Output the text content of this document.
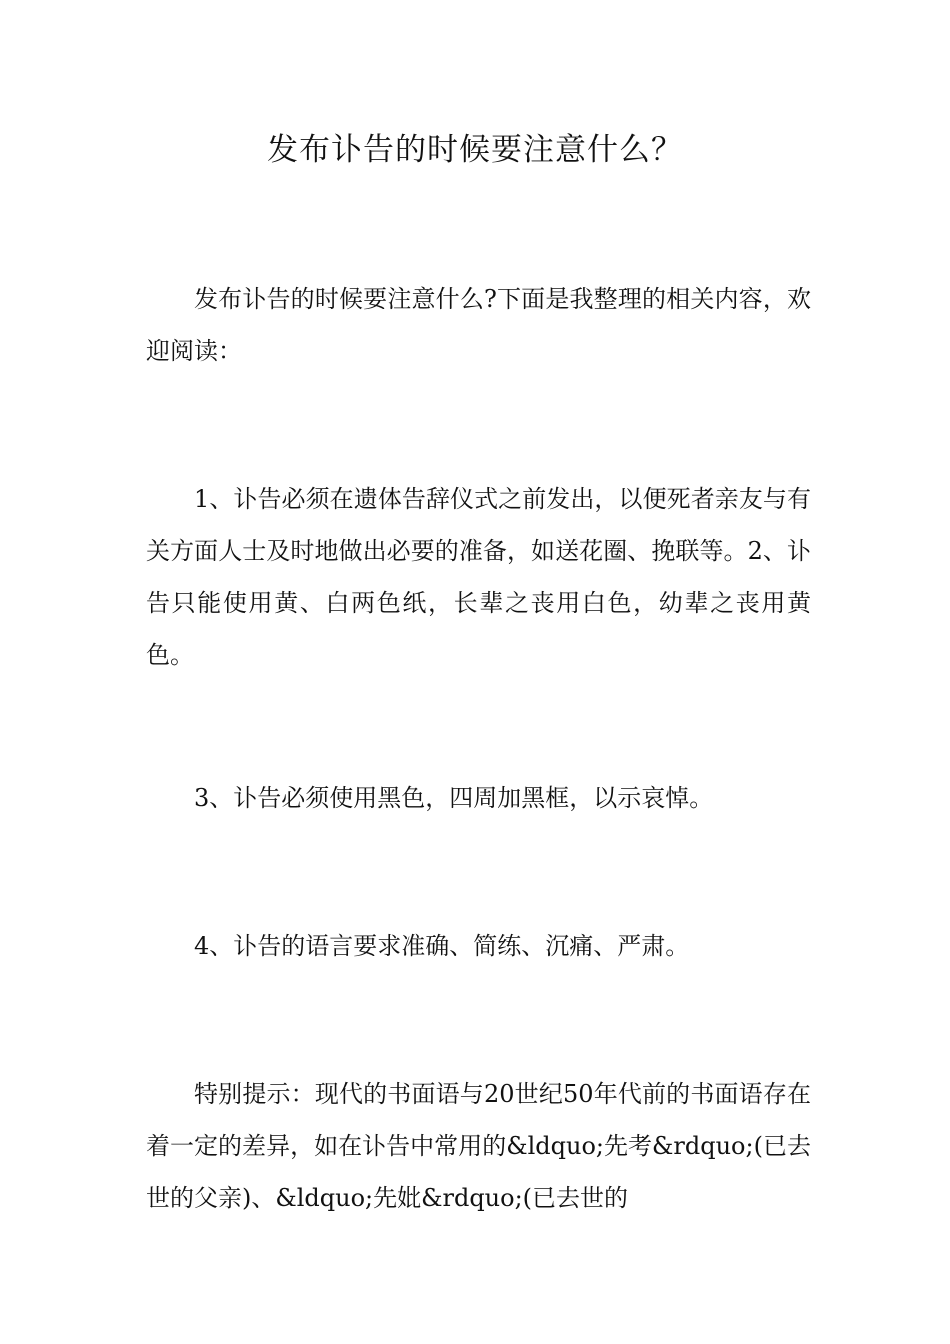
发布讣告的时候要注意什么？

发布讣告的时候要注意什么?下面是我整理的相关内容，欢迎阅读：

1、讣告必须在遗体告辞仪式之前发出，以便死者亲友与有关方面人士及时地做出必要的准备，如送花圈、挽联等。2、讣告只能使用黄、白两色纸，长辈之丧用白色，幼辈之丧用黄色。

3、讣告必须使用黑色，四周加黑框，以示哀悼。

4、讣告的语言要求准确、简练、沉痛、严肃。

特别提示：现代的书面语与20世纪50年代前的书面语存在着一定的差异，如在讣告中常用的&ldquo;先考&rdquo;(已去世的父亲)、&ldquo;先妣&rdquo;(已去世的
